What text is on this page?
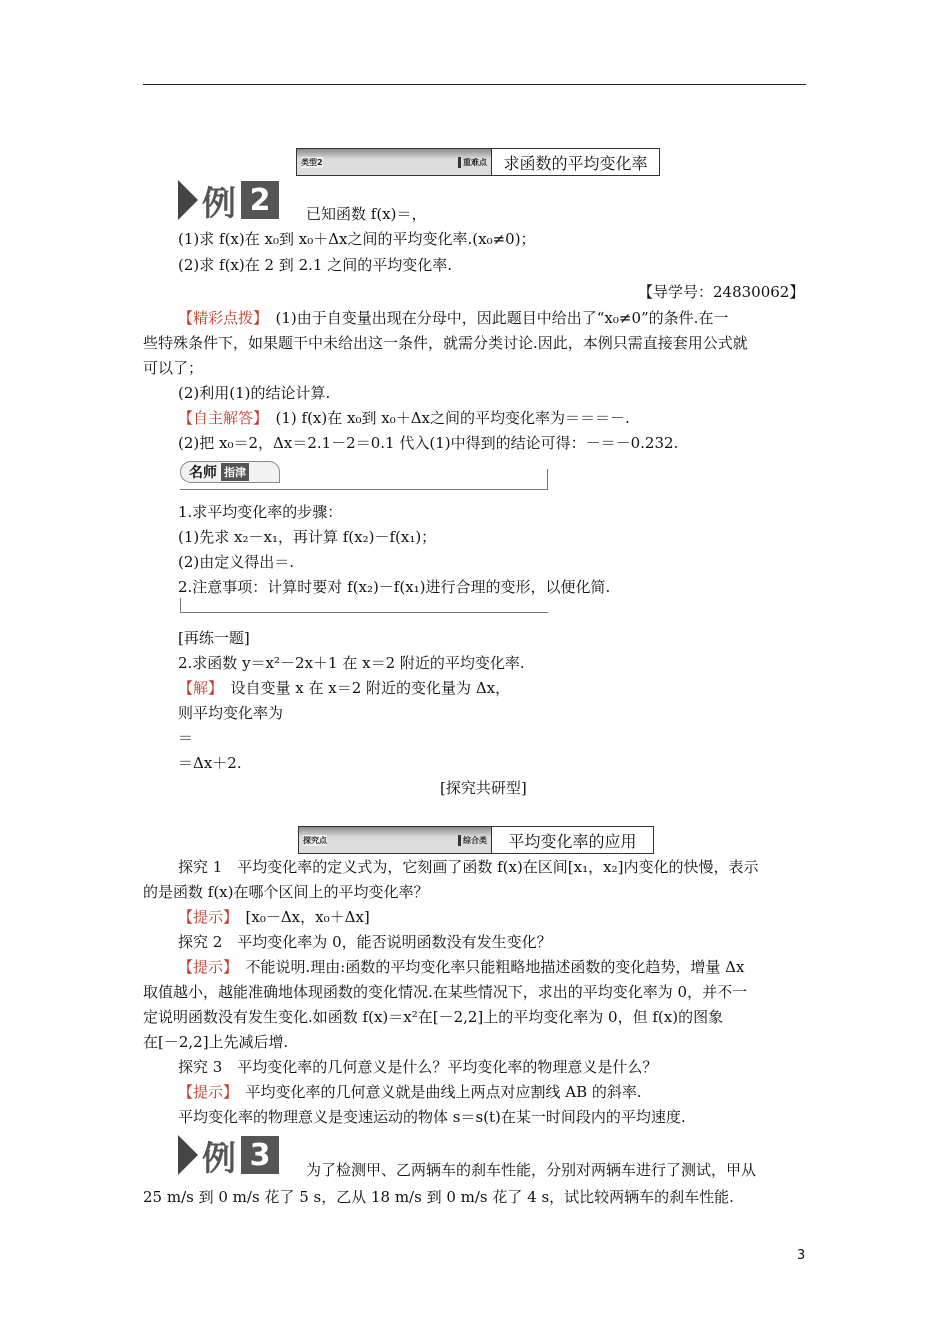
类型2	重难点	求函数的平均变化率
例 2	已知函数 f(x)＝，
(1)求 f(x)在 x₀到 x₀＋Δx之间的平均变化率.(x₀≠0)；
(2)求 f(x)在 2 到 2.1 之间的平均变化率.
【导学号：24830062】
【精彩点拨】　(1)由于自变量出现在分母中，因此题目中给出了“x₀≠0”的条件.在一
些特殊条件下，如果题干中未给出这一条件，就需分类讨论.因此，本例只需直接套用公式就
可以了；
(2)利用(1)的结论计算.
【自主解答】　(1) f(x)在 x₀到 x₀＋Δx之间的平均变化率为＝＝＝－.
(2)把 x₀＝2，Δx＝2.1－2＝0.1 代入(1)中得到的结论可得：－＝－0.232.
名师 指津
1.求平均变化率的步骤：
(1)先求 x₂－x₁，再计算 f(x₂)－f(x₁)；
(2)由定义得出＝.
2.注意事项：计算时要对 f(x₂)－f(x₁)进行合理的变形，以便化简.
[再练一题]
2.求函数 y＝x²－2x＋1 在 x＝2 附近的平均变化率.
【解】　设自变量 x 在 x＝2 附近的变化量为 Δx，
则平均变化率为
＝
＝Δx＋2.
[探究共研型]
探究点	综合类	平均变化率的应用
探究 1　平均变化率的定义式为，它刻画了函数 f(x)在区间[x₁，x₂]内变化的快慢，表示
的是函数 f(x)在哪个区间上的平均变化率？
【提示】　[x₀－Δx，x₀＋Δx]
探究 2　平均变化率为 0，能否说明函数没有发生变化？
【提示】　不能说明.理由:函数的平均变化率只能粗略地描述函数的变化趋势，增量 Δx
取值越小，越能准确地体现函数的变化情况.在某些情况下，求出的平均变化率为 0，并不一
定说明函数没有发生变化.如函数 f(x)＝x²在[－2,2]上的平均变化率为 0，但 f(x)的图象
在[－2,2]上先减后增.
探究 3　平均变化率的几何意义是什么？平均变化率的物理意义是什么？
【提示】　平均变化率的几何意义就是曲线上两点对应割线 AB 的斜率.
平均变化率的物理意义是变速运动的物体 s＝s(t)在某一时间段内的平均速度.
例 3	为了检测甲、乙两辆车的刹车性能，分别对两辆车进行了测试，甲从
25 m/s 到 0 m/s 花了 5 s，乙从 18 m/s 到 0 m/s 花了 4 s，试比较两辆车的刹车性能.
3
